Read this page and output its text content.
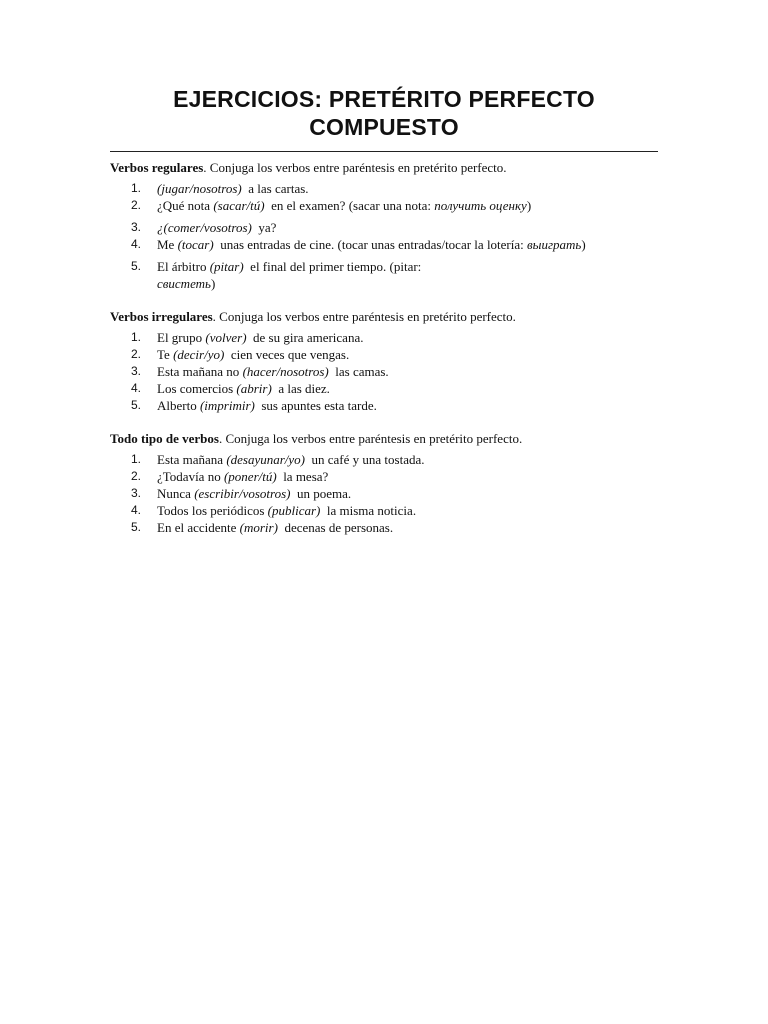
EJERCICIOS: PRETÉRITO PERFECTO
COMPUESTO

Verbos regulares. Conjuga los verbos entre paréntesis en pretérito perfecto.

1. (jugar/nosotros)  a las cartas.
2. ¿Qué nota (sacar/tú)  en el examen? (sacar una nota: получить оценку)
3. ¿(comer/vosotros)  ya?
4. Me (tocar)  unas entradas de cine. (tocar unas entradas/tocar la lotería: выиграть)
5. El árbitro (pitar)  el final del primer tiempo. (pitar: свистеть)

Verbos irregulares. Conjuga los verbos entre paréntesis en pretérito perfecto.

1. El grupo (volver)  de su gira americana.
2. Te (decir/yo)  cien veces que vengas.
3. Esta mañana no (hacer/nosotros)  las camas.
4. Los comercios (abrir)  a las diez.
5. Alberto (imprimir)  sus apuntes esta tarde.

Todo tipo de verbos. Conjuga los verbos entre paréntesis en pretérito perfecto.

1. Esta mañana (desayunar/yo)  un café y una tostada.
2. ¿Todavía no (poner/tú)  la mesa?
3. Nunca (escribir/vosotros)  un poema.
4. Todos los periódicos (publicar)  la misma noticia.
5. En el accidente (morir)  decenas de personas.
